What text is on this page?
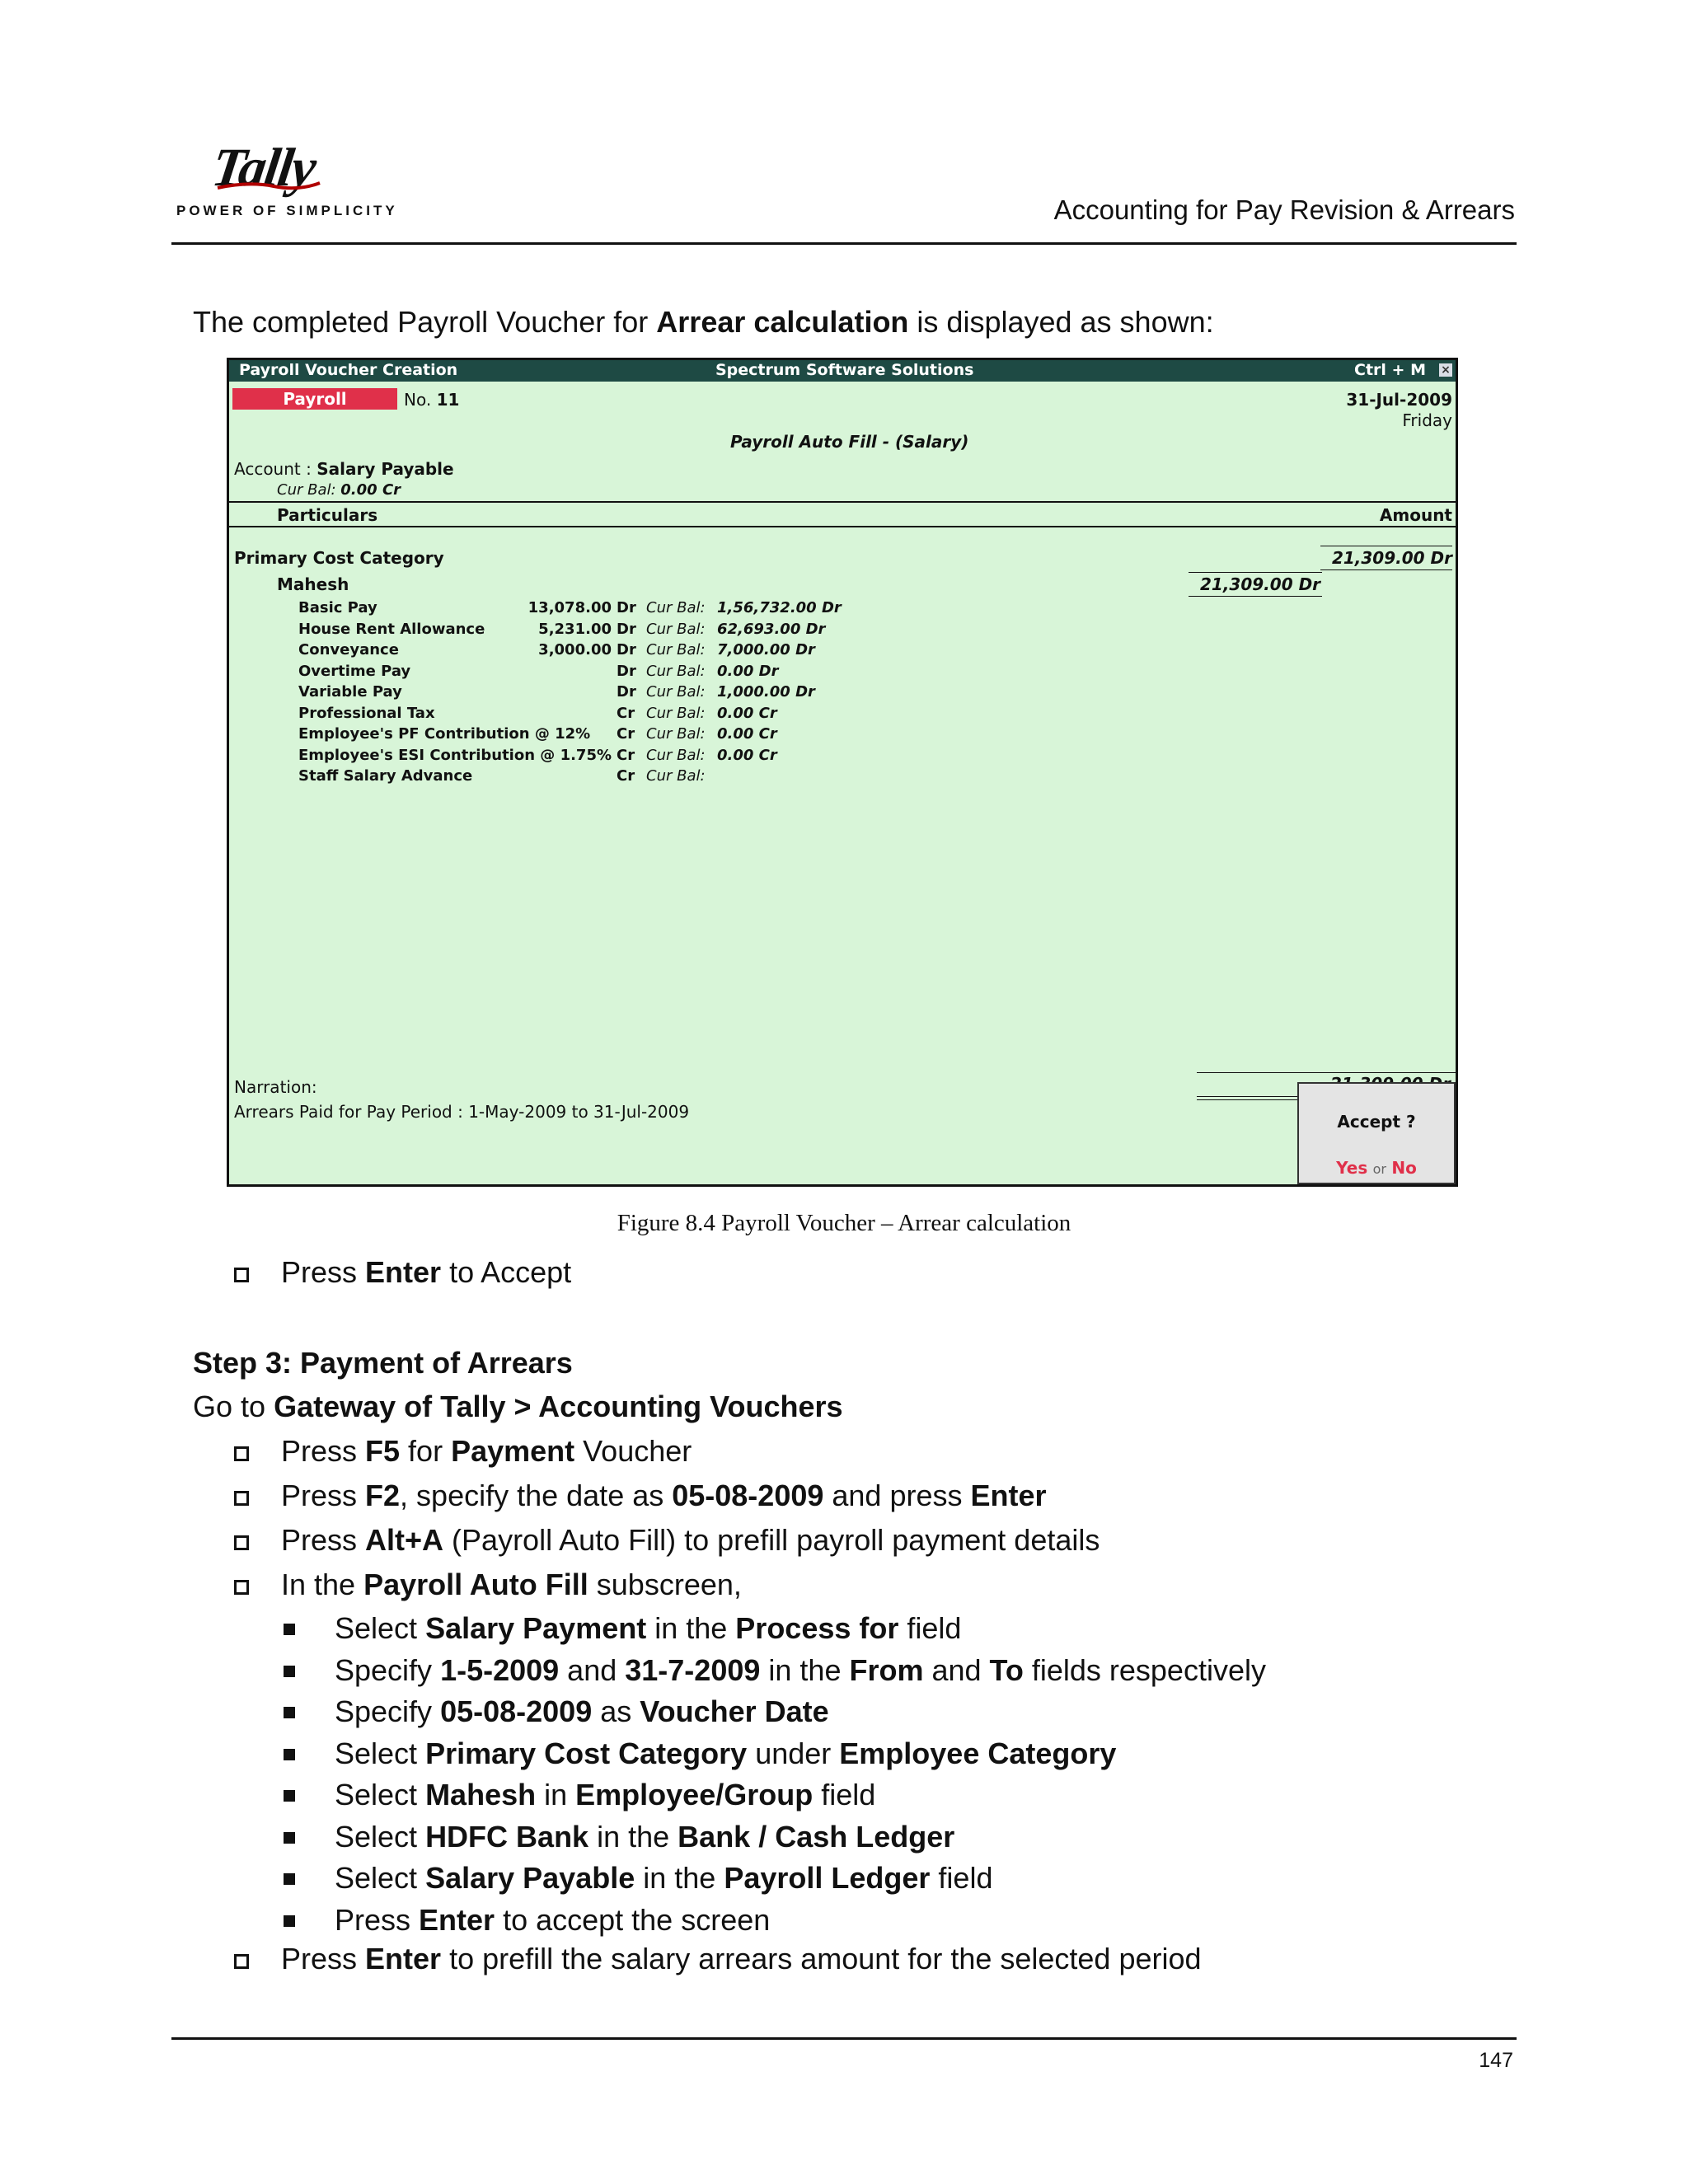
Tally
POWER OF SIMPLICITY	Accounting for Pay Revision & Arrears
The completed Payroll Voucher for Arrear calculation is displayed as shown:
Payroll Voucher Creation	Spectrum Software Solutions	Ctrl + M ×
Payroll	No. 11	31-Jul-2009
Friday
Payroll Auto Fill - (Salary)
Account : Salary Payable
Cur Bal: 0.00 Cr
Particulars	Amount
Primary Cost Category	21,309.00 Dr
Mahesh	21,309.00 Dr
Basic Pay	13,078.00 Dr Cur Bal: 1,56,732.00 Dr
House Rent Allowance	5,231.00 Dr Cur Bal: 62,693.00 Dr
Conveyance	3,000.00 Dr Cur Bal: 7,000.00 Dr
Overtime Pay	Dr Cur Bal: 0.00 Dr
Variable Pay	Dr Cur Bal: 1,000.00 Dr
Professional Tax	Cr Cur Bal: 0.00 Cr
Employee's PF Contribution @ 12% Cr Cur Bal: 0.00 Cr
Employee's ESI Contribution @ 1.75% Cr Cur Bal: 0.00 Cr
Staff Salary Advance	Cr Cur Bal:
Narration:
Arrears Paid for Pay Period : 1-May-2009 to 31-Jul-2009	Accept ?
Yes or No
Figure 8.4 Payroll Voucher – Arrear calculation
Press Enter to Accept
Step 3: Payment of Arrears
Go to Gateway of Tally > Accounting Vouchers
Press F5 for Payment Voucher
Press F2, specify the date as 05-08-2009 and press Enter
Press Alt+A (Payroll Auto Fill) to prefill payroll payment details
In the Payroll Auto Fill subscreen,
Select Salary Payment in the Process for field
Specify 1-5-2009 and 31-7-2009 in the From and To fields respectively
Specify 05-08-2009 as Voucher Date
Select Primary Cost Category under Employee Category
Select Mahesh in Employee/Group field
Select HDFC Bank in the Bank / Cash Ledger
Select Salary Payable in the Payroll Ledger field
Press Enter to accept the screen
Press Enter to prefill the salary arrears amount for the selected period
147
